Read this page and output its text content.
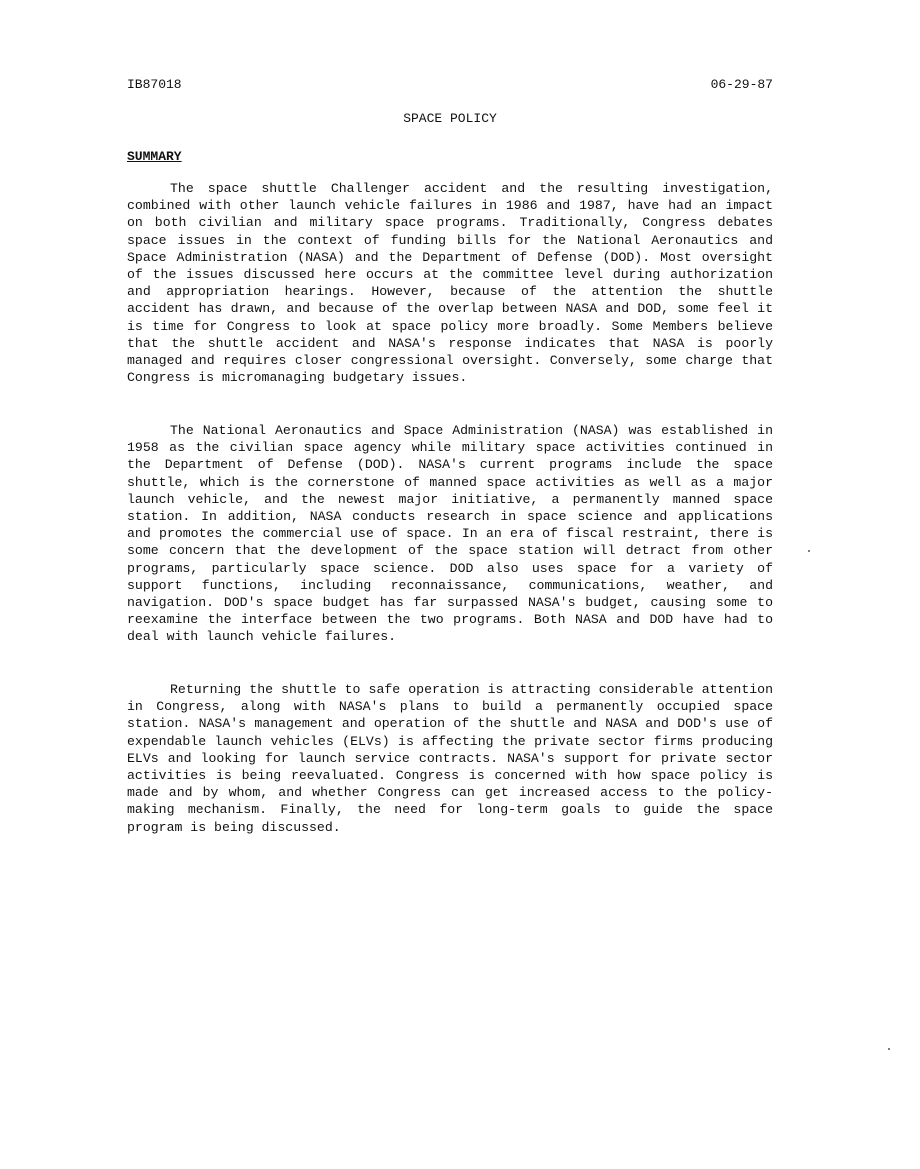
IB87018	06-29-87
SPACE POLICY
SUMMARY

The space shuttle Challenger accident and the resulting investigation, combined with other launch vehicle failures in 1986 and 1987, have had an impact on both civilian and military space programs. Traditionally, Congress debates space issues in the context of funding bills for the National Aeronautics and Space Administration (NASA) and the Department of Defense (DOD). Most oversight of the issues discussed here occurs at the committee level during authorization and appropriation hearings. However, because of the attention the shuttle accident has drawn, and because of the overlap between NASA and DOD, some feel it is time for Congress to look at space policy more broadly. Some Members believe that the shuttle accident and NASA's response indicates that NASA is poorly managed and requires closer congressional oversight. Conversely, some charge that Congress is micromanaging budgetary issues.

The National Aeronautics and Space Administration (NASA) was established in 1958 as the civilian space agency while military space activities continued in the Department of Defense (DOD). NASA's current programs include the space shuttle, which is the cornerstone of manned space activities as well as a major launch vehicle, and the newest major initiative, a permanently manned space station. In addition, NASA conducts research in space science and applications and promotes the commercial use of space. In an era of fiscal restraint, there is some concern that the development of the space station will detract from other programs, particularly space science. DOD also uses space for a variety of support functions, including reconnaissance, communications, weather, and navigation. DOD's space budget has far surpassed NASA's budget, causing some to reexamine the interface between the two programs. Both NASA and DOD have had to deal with launch vehicle failures.

Returning the shuttle to safe operation is attracting considerable attention in Congress, along with NASA's plans to build a permanently occupied space station. NASA's management and operation of the shuttle and NASA and DOD's use of expendable launch vehicles (ELVs) is affecting the private sector firms producing ELVs and looking for launch service contracts. NASA's support for private sector activities is being reevaluated. Congress is concerned with how space policy is made and by whom, and whether Congress can get increased access to the policy-making mechanism. Finally, the need for long-term goals to guide the space program is being discussed.
